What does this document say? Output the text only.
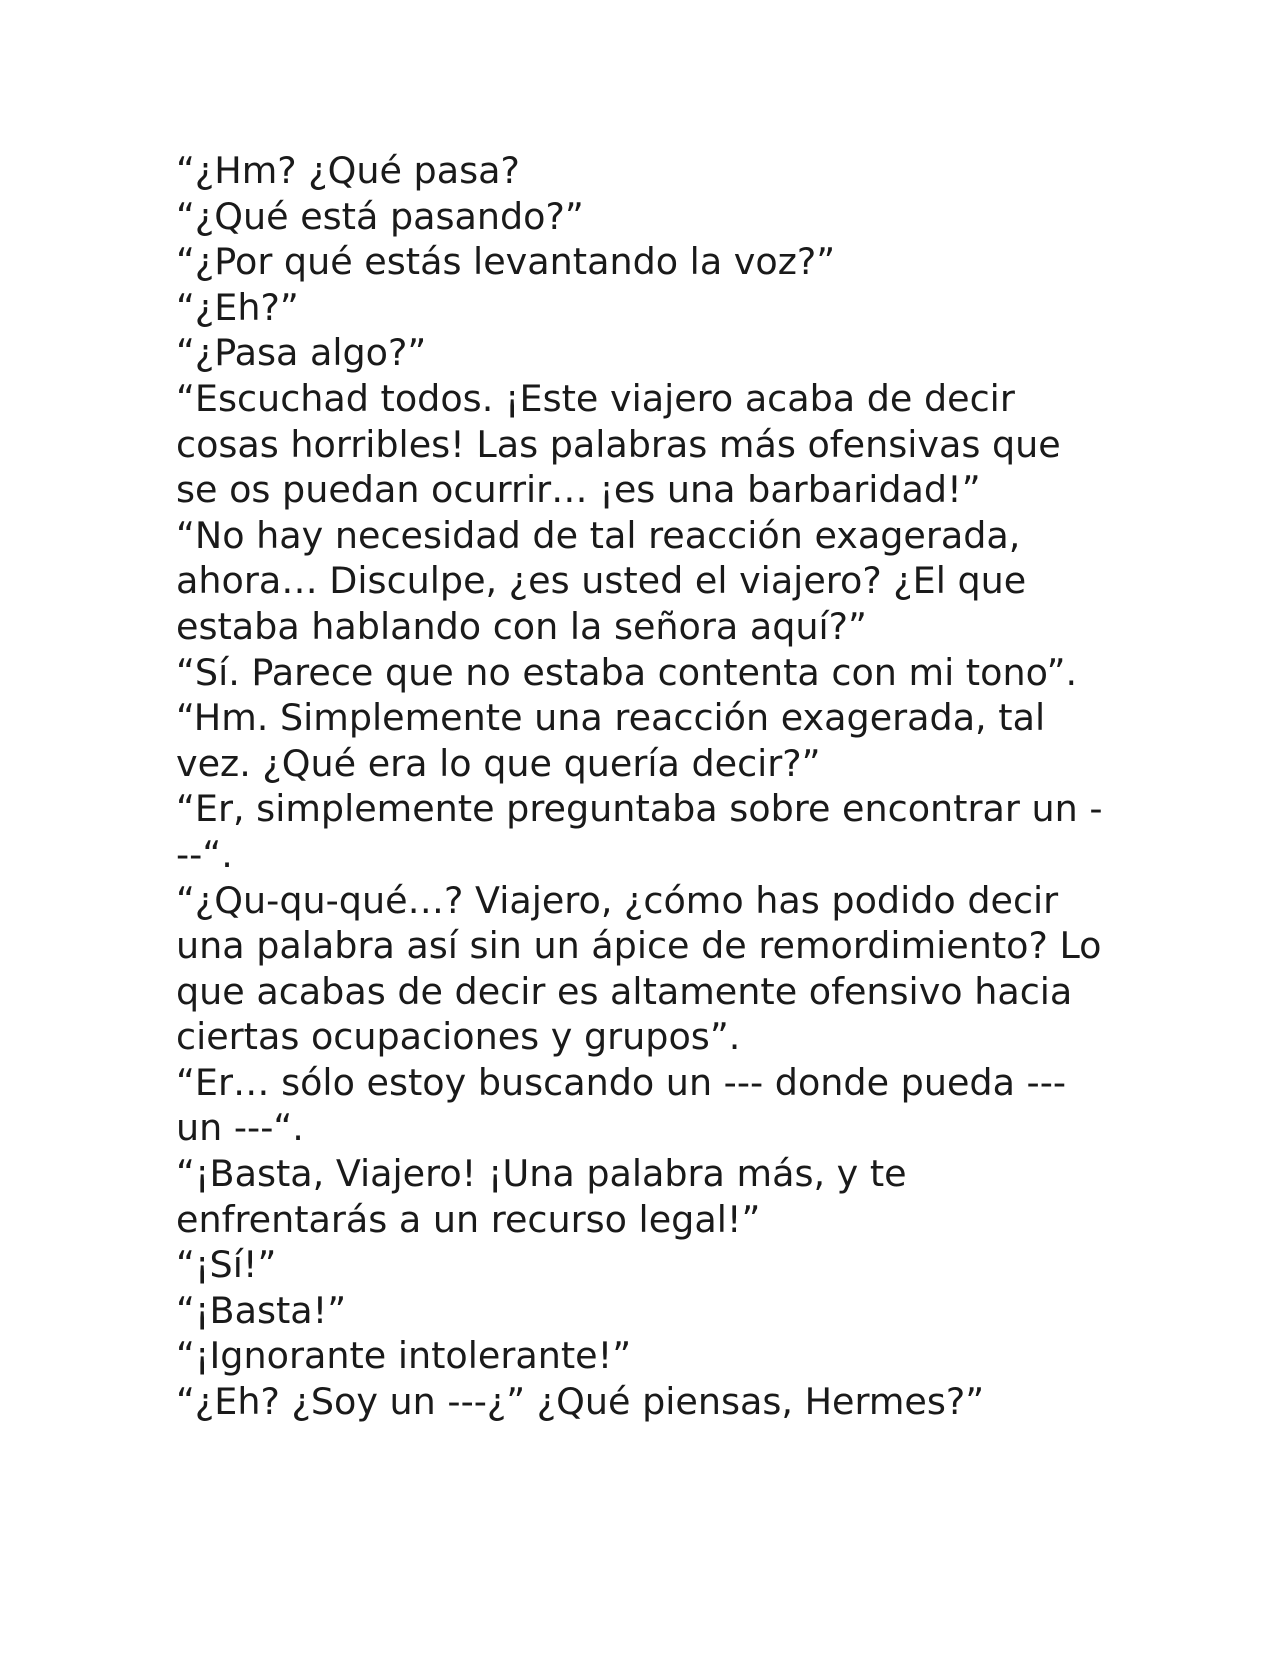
“¿Hm? ¿Qué pasa?

“¿Qué está pasando?”

“¿Por qué estás levantando la voz?”

“¿Eh?”

“¿Pasa algo?”

“Escuchad todos. ¡Este viajero acaba de decir cosas horribles! Las palabras más ofensivas que se os puedan ocurrir… ¡es una barbaridad!”

“No hay necesidad de tal reacción exagerada, ahora… Disculpe, ¿es usted el viajero? ¿El que estaba hablando con la señora aquí?”

“Sí. Parece que no estaba contenta con mi tono”.

“Hm. Simplemente una reacción exagerada, tal vez. ¿Qué era lo que quería decir?”

“Er, simplemente preguntaba sobre encontrar un ---“.

“¿Qu-qu-qué…? Viajero, ¿cómo has podido decir una palabra así sin un ápice de remordimiento? Lo que acabas de decir es altamente ofensivo hacia ciertas ocupaciones y grupos”.

“Er… sólo estoy buscando un --- donde pueda --- un ---“.

“¡Basta, Viajero! ¡Una palabra más, y te enfrentarás a un recurso legal!”

“¡Sí!”

“¡Basta!”

“¡Ignorante intolerante!”

“¿Eh? ¿Soy un ---¿” ¿Qué piensas, Hermes?”
